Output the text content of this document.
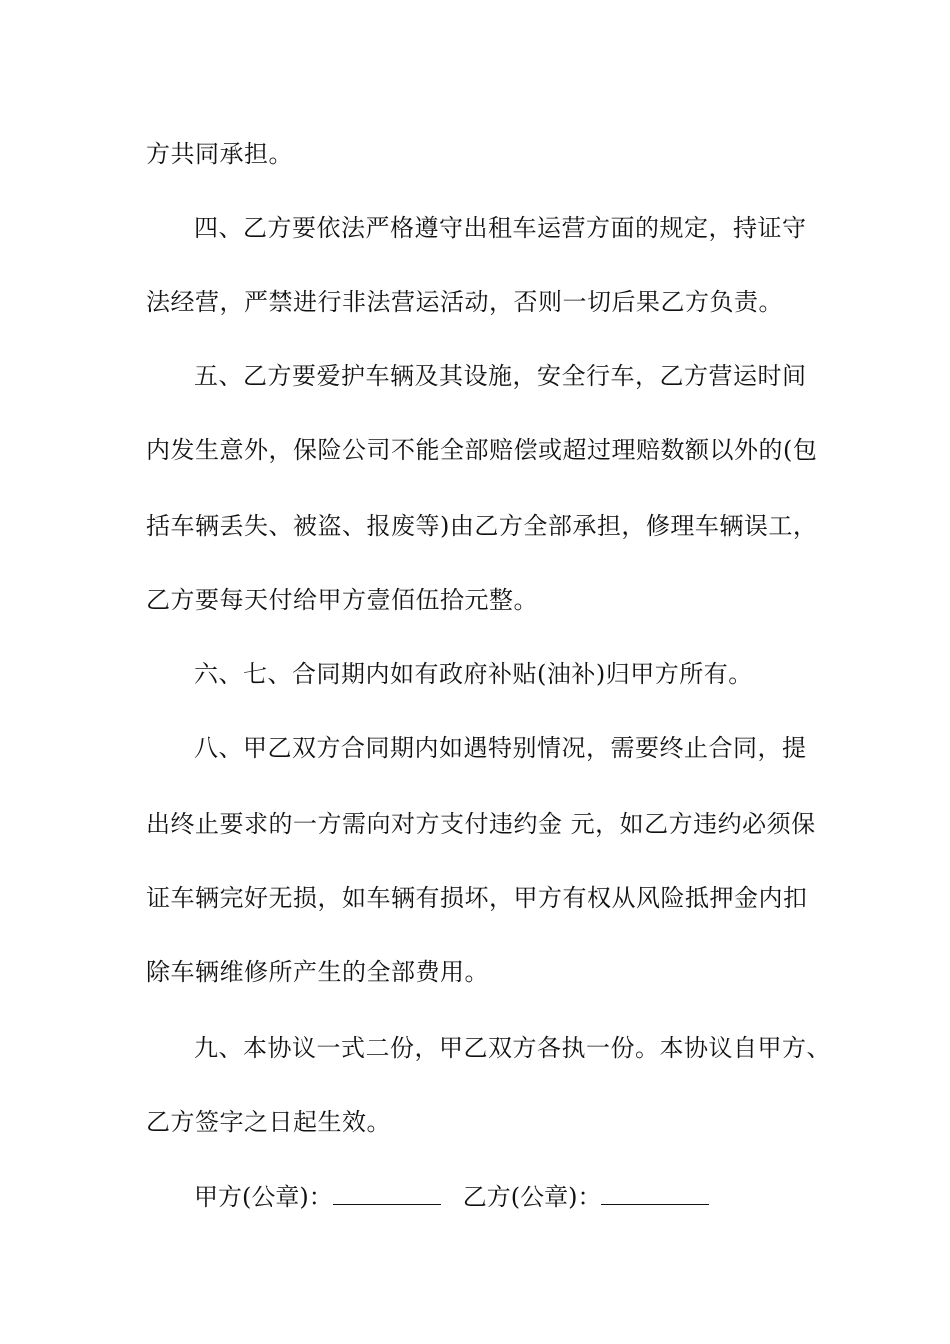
方共同承担。
四、乙方要依法严格遵守出租车运营方面的规定，持证守
法经营，严禁进行非法营运活动，否则一切后果乙方负责。
五、乙方要爱护车辆及其设施，安全行车，乙方营运时间
内发生意外，保险公司不能全部赔偿或超过理赔数额以外的(包
括车辆丢失、被盗、报废等)由乙方全部承担，修理车辆误工，
乙方要每天付给甲方壹佰伍拾元整。
六、七、合同期内如有政府补贴(油补)归甲方所有。
八、甲乙双方合同期内如遇特别情况，需要终止合同，提
出终止要求的一方需向对方支付违约金 元，如乙方违约必须保
证车辆完好无损，如车辆有损坏，甲方有权从风险抵押金内扣
除车辆维修所产生的全部费用。
九、本协议一式二份，甲乙双方各执一份。本协议自甲方、
乙方签字之日起生效。
甲方(公章)：	乙方(公章)：
